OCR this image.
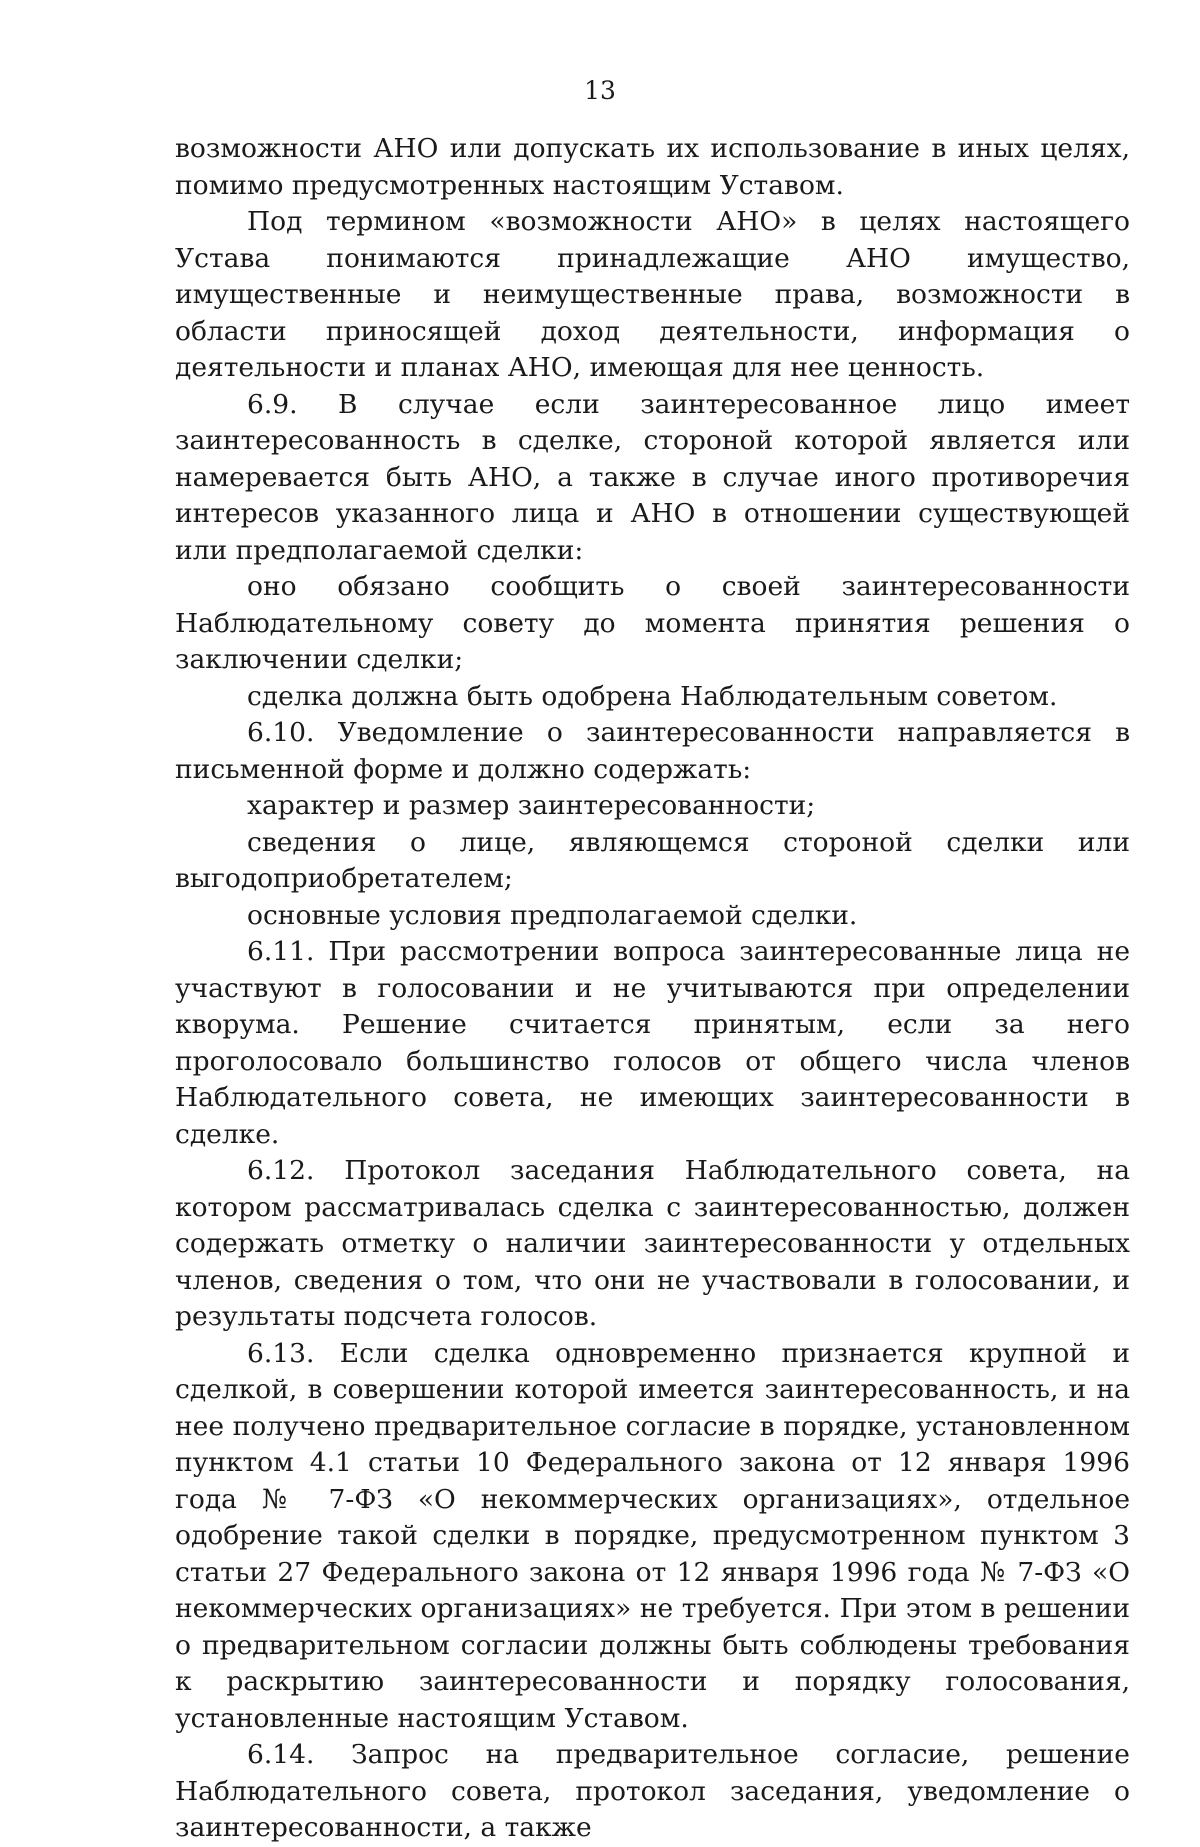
13

возможности АНО или допускать их использование в иных целях, помимо предусмотренных настоящим Уставом.

Под термином «возможности АНО» в целях настоящего Устава понимаются принадлежащие АНО имущество, имущественные и неимущественные права, возможности в области приносящей доход деятельности, информация о деятельности и планах АНО, имеющая для нее ценность.

6.9. В случае если заинтересованное лицо имеет заинтересованность в сделке, стороной которой является или намеревается быть АНО, а также в случае иного противоречия интересов указанного лица и АНО в отношении существующей или предполагаемой сделки:

оно обязано сообщить о своей заинтересованности Наблюдательному совету до момента принятия решения о заключении сделки;

сделка должна быть одобрена Наблюдательным советом.

6.10. Уведомление о заинтересованности направляется в письменной форме и должно содержать:

характер и размер заинтересованности;

сведения о лице, являющемся стороной сделки или выгодоприобретателем;

основные условия предполагаемой сделки.

6.11. При рассмотрении вопроса заинтересованные лица не участвуют в голосовании и не учитываются при определении кворума. Решение считается принятым, если за него проголосовало большинство голосов от общего числа членов Наблюдательного совета, не имеющих заинтересованности в сделке.

6.12. Протокол заседания Наблюдательного совета, на котором рассматривалась сделка с заинтересованностью, должен содержать отметку о наличии заинтересованности у отдельных членов, сведения о том, что они не участвовали в голосовании, и результаты подсчета голосов.

6.13. Если сделка одновременно признается крупной и сделкой, в совершении которой имеется заинтересованность, и на нее получено предварительное согласие в порядке, установленном пунктом 4.1 статьи 10 Федерального закона от 12 января 1996 года № 7-ФЗ «О некоммерческих организациях», отдельное одобрение такой сделки в порядке, предусмотренном пунктом 3 статьи 27 Федерального закона от 12 января 1996 года № 7-ФЗ «О некоммерческих организациях» не требуется. При этом в решении о предварительном согласии должны быть соблюдены требования к раскрытию заинтересованности и порядку голосования, установленные настоящим Уставом.

6.14. Запрос на предварительное согласие, решение Наблюдательного совета, протокол заседания, уведомление о заинтересованности, а также
